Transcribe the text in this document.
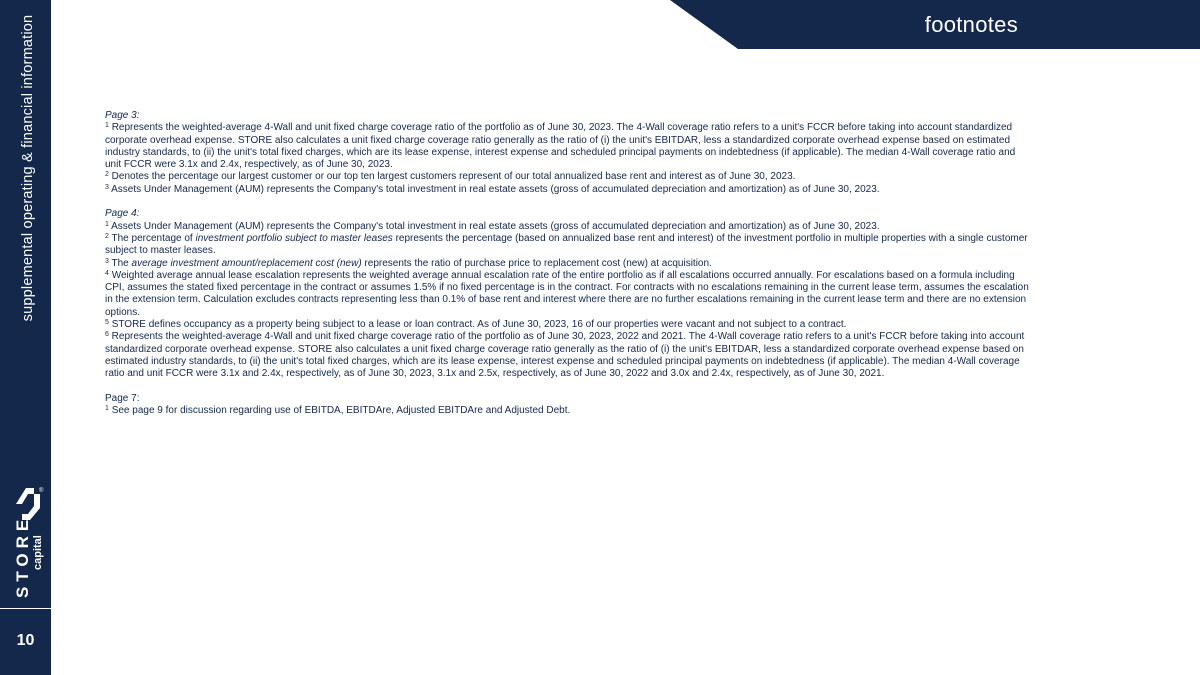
supplemental operating & financial information
®
STORE capital
10
footnotes

Page 3:

$^1$ Represents the weighted-average 4-Wall and unit fixed charge coverage ratio of the portfolio as of June 30, 2023. The 4-Wall coverage ratio refers to a unit's FCCR before taking into account standardized corporate overhead expense. STORE also calculates a unit fixed charge coverage ratio generally as the ratio of (i) the unit's EBITDAR, less a standardized corporate overhead expense based on estimated industry standards, to (ii) the unit's total fixed charges, which are its lease expense, interest expense and scheduled principal payments on indebtedness (if applicable). The median 4-Wall coverage ratio and unit FCCR were 3.1x and 2.4x, respectively, as of June 30, 2023.

$^2$ Denotes the percentage our largest customer or our top ten largest customers represent of our total annualized base rent and interest as of June 30, 2023.

$^3$ Assets Under Management (AUM) represents the Company's total investment in real estate assets (gross of accumulated depreciation and amortization) as of June 30, 2023.

Page 4:

$^1$ Assets Under Management (AUM) represents the Company's total investment in real estate assets (gross of accumulated depreciation and amortization) as of June 30, 2023.

$^2$ The percentage of investment portfolio subject to master leases represents the percentage (based on annualized base rent and interest) of the investment portfolio in multiple properties with a single customer subject to master leases.

$^3$ The average investment amount/replacement cost (new) represents the ratio of purchase price to replacement cost (new) at acquisition.

$^4$ Weighted average annual lease escalation represents the weighted average annual escalation rate of the entire portfolio as if all escalations occurred annually. For escalations based on a formula including CPI, assumes the stated fixed percentage in the contract or assumes 1.5% if no fixed percentage is in the contract. For contracts with no escalations remaining in the current lease term, assumes the escalation in the extension term. Calculation excludes contracts representing less than 0.1% of base rent and interest where there are no further escalations remaining in the current lease term and there are no extension options.

$^5$ STORE defines occupancy as a property being subject to a lease or loan contract. As of June 30, 2023, 16 of our properties were vacant and not subject to a contract.

$^6$ Represents the weighted-average 4-Wall and unit fixed charge coverage ratio of the portfolio as of June 30, 2023, 2022 and 2021. The 4-Wall coverage ratio refers to a unit's FCCR before taking into account standardized corporate overhead expense. STORE also calculates a unit fixed charge coverage ratio generally as the ratio of (i) the unit's EBITDAR, less a standardized corporate overhead expense based on estimated industry standards, to (ii) the unit's total fixed charges, which are its lease expense, interest expense and scheduled principal payments on indebtedness (if applicable). The median 4-Wall coverage ratio and unit FCCR were 3.1x and 2.4x, respectively, as of June 30, 2023, 3.1x and 2.5x, respectively, as of June 30, 2022 and 3.0x and 2.4x, respectively, as of June 30, 2021.

Page 7:

$^1$ See page 9 for discussion regarding use of EBITDA, EBITDAre, Adjusted EBITDAre and Adjusted Debt.
